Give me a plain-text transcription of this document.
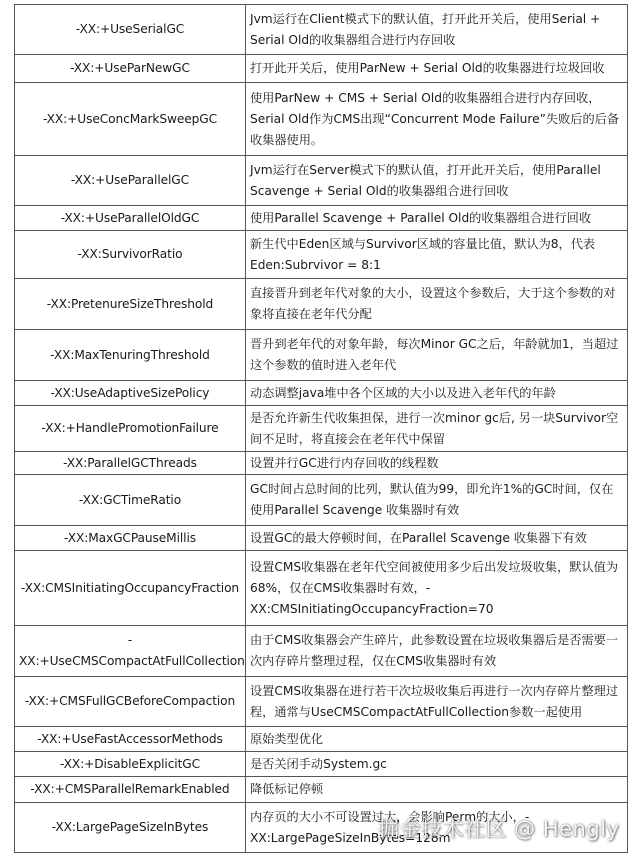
-XX:+UseSerialGC	Jvm运行在Client模式下的默认值，打开此开关后，使用Serial + Serial Old的收集器组合进行内存回收
-XX:+UseParNewGC	打开此开关后，使用ParNew + Serial Old的收集器进行垃圾回收
-XX:+UseConcMarkSweepGC	使用ParNew + CMS + Serial Old的收集器组合进行内存回收，Serial Old作为CMS出现“Concurrent Mode Failure”失败后的后备收集器使用。
-XX:+UseParallelGC	Jvm运行在Server模式下的默认值，打开此开关后，使用Parallel Scavenge + Serial Old的收集器组合进行回收
-XX:+UseParallelOldGC	使用Parallel Scavenge + Parallel Old的收集器组合进行回收
-XX:SurvivorRatio	新生代中Eden区域与Survivor区域的容量比值，默认为8，代表Eden:Subrvivor = 8:1
-XX:PretenureSizeThreshold	直接晋升到老年代对象的大小，设置这个参数后，大于这个参数的对象将直接在老年代分配
-XX:MaxTenuringThreshold	晋升到老年代的对象年龄，每次Minor GC之后，年龄就加1，当超过这个参数的值时进入老年代
-XX:UseAdaptiveSizePolicy	动态调整java堆中各个区域的大小以及进入老年代的年龄
-XX:+HandlePromotionFailure	是否允许新生代收集担保，进行一次minor gc后, 另一块Survivor空间不足时，将直接会在老年代中保留
-XX:ParallelGCThreads	设置并行GC进行内存回收的线程数
-XX:GCTimeRatio	GC时间占总时间的比列，默认值为99，即允许1%的GC时间，仅在使用Parallel Scavenge 收集器时有效
-XX:MaxGCPauseMillis	设置GC的最大停顿时间，在Parallel Scavenge 收集器下有效
-XX:CMSInitiatingOccupancyFraction	设置CMS收集器在老年代空间被使用多少后出发垃圾收集，默认值为68%，仅在CMS收集器时有效，-XX:CMSInitiatingOccupancyFraction=70
-XX:+UseCMSCompactAtFullCollection	由于CMS收集器会产生碎片，此参数设置在垃圾收集器后是否需要一次内存碎片整理过程，仅在CMS收集器时有效
-XX:+CMSFullGCBeforeCompaction	设置CMS收集器在进行若干次垃圾收集后再进行一次内存碎片整理过程，通常与UseCMSCompactAtFullCollection参数一起使用
-XX:+UseFastAccessorMethods	原始类型优化
-XX:+DisableExplicitGC	是否关闭手动System.gc
-XX:+CMSParallelRemarkEnabled	降低标记停顿
-XX:LargePageSizeInBytes	内存页的大小不可设置过大，会影响Perm的大小，-XX:LargePageSizeInBytes=128m
掘金技术社区 @ Hengly
